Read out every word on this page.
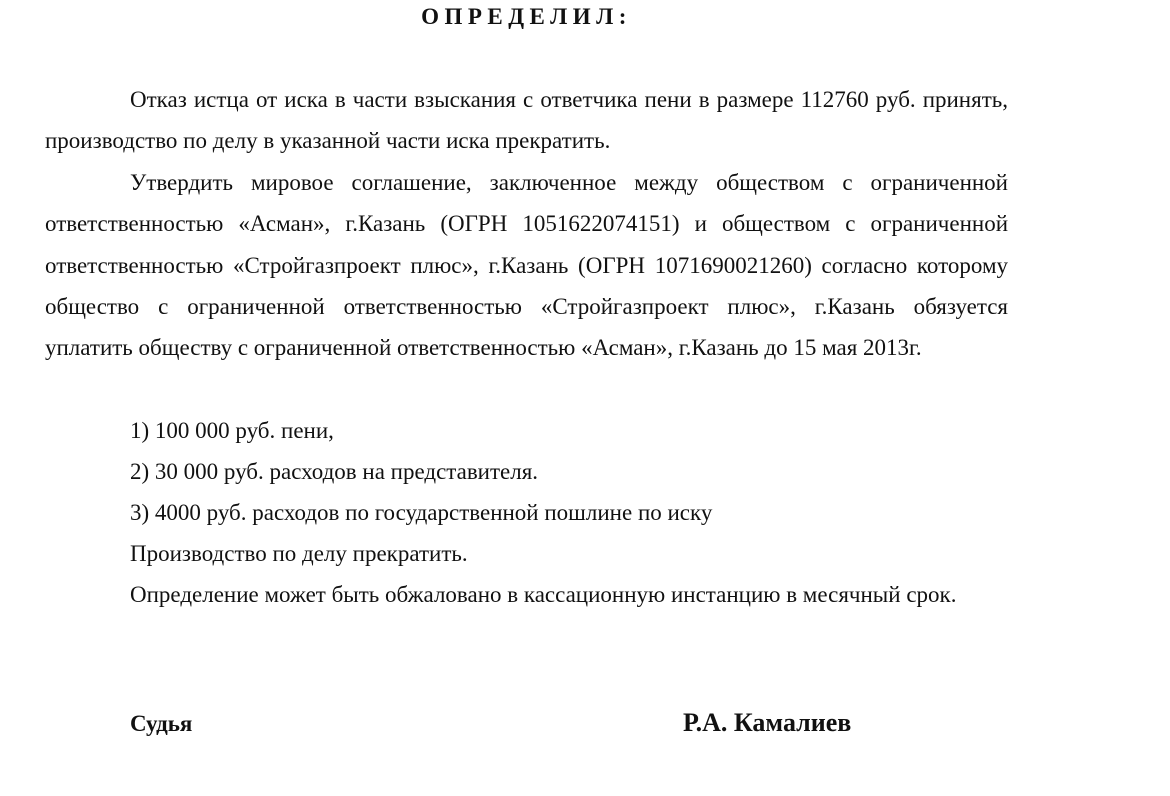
ОПРЕДЕЛИЛ:

Отказ истца от иска в части взыскания с ответчика пени в размере 112760 руб. принять, производство по делу в указанной части иска прекратить.

Утвердить мировое соглашение, заключенное между обществом с ограниченной ответственностью «Асман», г.Казань (ОГРН 1051622074151) и обществом с ограниченной ответственностью «Стройгазпроект плюс», г.Казань (ОГРН 1071690021260) согласно которому общество с ограниченной ответственностью «Стройгазпроект плюс», г.Казань обязуется уплатить обществу с ограниченной ответственностью «Асман», г.Казань до 15 мая 2013г.

1) 100 000 руб. пени,
2) 30 000 руб. расходов на представителя.
3) 4000 руб. расходов по государственной пошлине по иску
Производство по делу прекратить.
Определение может быть обжаловано в кассационную инстанцию в месячный срок.
Судья	Р.А. Камалиев
